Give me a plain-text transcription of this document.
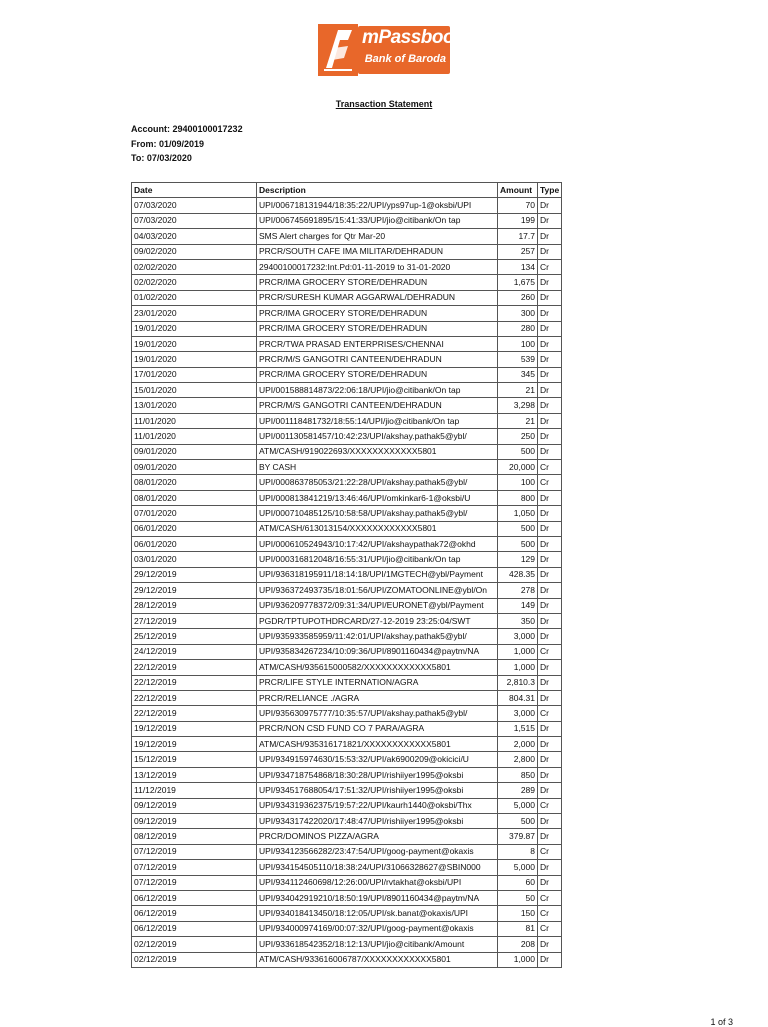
mPassbook
Bank of Baroda
Transaction Statement
Account: 29400100017232
From: 01/09/2019
To: 07/03/2020
Date	Description	Amount	Type
07/03/2020	UPI/006718131944/18:35:22/UPI/yps97up-1@oksbi/UPI	70	Dr
07/03/2020	UPI/006745691895/15:41:33/UPI/jio@citibank/On tap	199	Dr
04/03/2020	SMS Alert charges for Qtr Mar-20	17.7	Dr
09/02/2020	PRCR/SOUTH CAFE IMA MILITAR/DEHRADUN	257	Dr
02/02/2020	29400100017232:Int.Pd:01-11-2019 to 31-01-2020	134	Cr
02/02/2020	PRCR/IMA GROCERY STORE/DEHRADUN	1,675	Dr
01/02/2020	PRCR/SURESH KUMAR AGGARWAL/DEHRADUN	260	Dr
23/01/2020	PRCR/IMA GROCERY STORE/DEHRADUN	300	Dr
19/01/2020	PRCR/IMA GROCERY STORE/DEHRADUN	280	Dr
19/01/2020	PRCR/TWA PRASAD ENTERPRISES/CHENNAI	100	Dr
19/01/2020	PRCR/M/S GANGOTRI CANTEEN/DEHRADUN	539	Dr
17/01/2020	PRCR/IMA GROCERY STORE/DEHRADUN	345	Dr
15/01/2020	UPI/001588814873/22:06:18/UPI/jio@citibank/On tap	21	Dr
13/01/2020	PRCR/M/S GANGOTRI CANTEEN/DEHRADUN	3,298	Dr
11/01/2020	UPI/001118481732/18:55:14/UPI/jio@citibank/On tap	21	Dr
11/01/2020	UPI/001130581457/10:42:23/UPI/akshay.pathak5@ybl/	250	Dr
09/01/2020	ATM/CASH/919022693/XXXXXXXXXXXX5801	500	Dr
09/01/2020	BY CASH	20,000	Cr
08/01/2020	UPI/000863785053/21:22:28/UPI/akshay.pathak5@ybl/	100	Cr
08/01/2020	UPI/000813841219/13:46:46/UPI/omkinkar6-1@oksbi/U	800	Dr
07/01/2020	UPI/000710485125/10:58:58/UPI/akshay.pathak5@ybl/	1,050	Dr
06/01/2020	ATM/CASH/613013154/XXXXXXXXXXXX5801	500	Dr
06/01/2020	UPI/000610524943/10:17:42/UPI/akshaypathak72@okhd	500	Dr
03/01/2020	UPI/000316812048/16:55:31/UPI/jio@citibank/On tap	129	Dr
29/12/2019	UPI/936318195911/18:14:18/UPI/1MGTECH@ybl/Payment	428.35	Dr
29/12/2019	UPI/936372493735/18:01:56/UPI/ZOMATOONLINE@ybl/On	278	Dr
28/12/2019	UPI/936209778372/09:31:34/UPI/EURONET@ybl/Payment	149	Dr
27/12/2019	PGDR/TPTUPOTHDRCARD/27-12-2019 23:25:04/SWT	350	Dr
25/12/2019	UPI/935933585959/11:42:01/UPI/akshay.pathak5@ybl/	3,000	Dr
24/12/2019	UPI/935834267234/10:09:36/UPI/8901160434@paytm/NA	1,000	Cr
22/12/2019	ATM/CASH/935615000582/XXXXXXXXXXXX5801	1,000	Dr
22/12/2019	PRCR/LIFE STYLE INTERNATION/AGRA	2,810.3	Dr
22/12/2019	PRCR/RELIANCE ./AGRA	804.31	Dr
22/12/2019	UPI/935630975777/10:35:57/UPI/akshay.pathak5@ybl/	3,000	Cr
19/12/2019	PRCR/NON CSD FUND CO 7 PARA/AGRA	1,515	Dr
19/12/2019	ATM/CASH/935316171821/XXXXXXXXXXXX5801	2,000	Dr
15/12/2019	UPI/934915974630/15:53:32/UPI/ak6900209@okicici/U	2,800	Dr
13/12/2019	UPI/934718754868/18:30:28/UPI/rishiiyer1995@oksbi	850	Dr
11/12/2019	UPI/934517688054/17:51:32/UPI/rishiiyer1995@oksbi	289	Dr
09/12/2019	UPI/934319362375/19:57:22/UPI/kaurh1440@oksbi/Thx	5,000	Cr
09/12/2019	UPI/934317422020/17:48:47/UPI/rishiiyer1995@oksbi	500	Dr
08/12/2019	PRCR/DOMINOS PIZZA/AGRA	379.87	Dr
07/12/2019	UPI/934123566282/23:47:54/UPI/goog-payment@okaxis	8	Cr
07/12/2019	UPI/934154505110/18:38:24/UPI/31066328627@SBIN000	5,000	Dr
07/12/2019	UPI/934112460698/12:26:00/UPI/rvtakhat@oksbi/UPI	60	Dr
06/12/2019	UPI/934042919210/18:50:19/UPI/8901160434@paytm/NA	50	Cr
06/12/2019	UPI/934018413450/18:12:05/UPI/sk.banat@okaxis/UPI	150	Cr
06/12/2019	UPI/934000974169/00:07:32/UPI/goog-payment@okaxis	81	Cr
02/12/2019	UPI/933618542352/18:12:13/UPI/jio@citibank/Amount	208	Dr
02/12/2019	ATM/CASH/933616006787/XXXXXXXXXXXX5801	1,000	Dr
1 of 3
